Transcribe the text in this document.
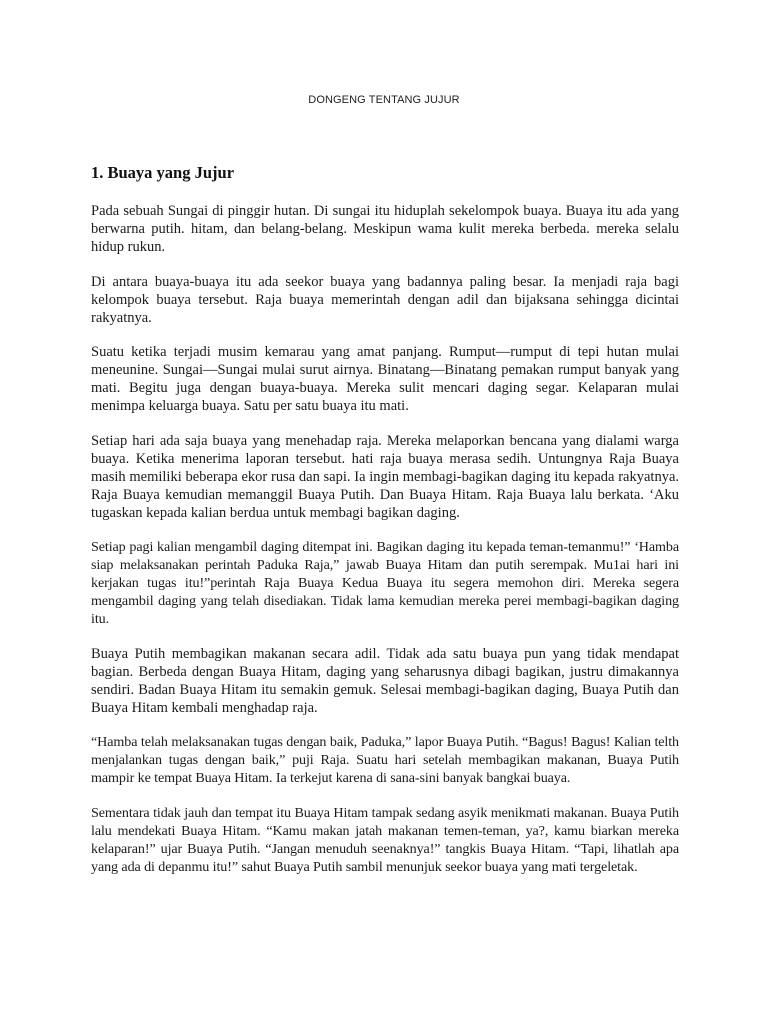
DONGENG TENTANG JUJUR
1. Buaya yang Jujur

Pada sebuah Sungai di pinggir hutan. Di sungai itu hiduplah sekelompok buaya. Buaya itu ada yang berwarna putih. hitam, dan belang-belang. Meskipun wama kulit mereka berbeda. mereka selalu hidup rukun.

Di antara buaya-buaya itu ada seekor buaya yang badannya paling besar. Ia menjadi raja bagi kelompok buaya tersebut. Raja buaya memerintah dengan adil dan bijaksana sehingga dicintai rakyatnya.

Suatu ketika terjadi musim kemarau yang amat panjang. Rumput—rumput di tepi hutan mulai meneunine. Sungai—Sungai mulai surut airnya. Binatang—Binatang pemakan rumput banyak yang mati. Begitu juga dengan buaya-buaya. Mereka sulit mencari daging segar. Kelaparan mulai menimpa keluarga buaya. Satu per satu buaya itu mati.

Setiap hari ada saja buaya yang menehadap raja. Mereka melaporkan bencana yang dialami warga buaya. Ketika menerima laporan tersebut. hati raja buaya merasa sedih. Untungnya Raja Buaya masih memiliki beberapa ekor rusa dan sapi. Ia ingin membagi-bagikan daging itu kepada rakyatnya. Raja Buaya kemudian memanggil Buaya Putih. Dan Buaya Hitam. Raja Buaya lalu berkata. ‘Aku tugaskan kepada kalian berdua untuk membagi bagikan daging.

Setiap pagi kalian mengambil daging ditempat ini. Bagikan daging itu kepada teman-temanmu!” ‘Hamba siap melaksanakan perintah Paduka Raja,” jawab Buaya Hitam dan putih serempak. Mu1ai hari ini kerjakan tugas itu!”perintah Raja Buaya Kedua Buaya itu segera memohon diri. Mereka segera mengambil daging yang telah disediakan. Tidak lama kemudian mereka perei membagi-bagikan daging itu.

Buaya Putih membagikan makanan secara adil. Tidak ada satu buaya pun yang tidak mendapat bagian. Berbeda dengan Buaya Hitam, daging yang seharusnya dibagi bagikan, justru dimakannya sendiri. Badan Buaya Hitam itu semakin gemuk. Selesai membagi-bagikan daging, Buaya Putih dan Buaya Hitam kembali menghadap raja.

“Hamba telah melaksanakan tugas dengan baik, Paduka,” lapor Buaya Putih. “Bagus! Bagus! Kalian telth menjalankan tugas dengan baik,” puji Raja. Suatu hari setelah membagikan makanan, Buaya Putih mampir ke tempat Buaya Hitam. Ia terkejut karena di sana-sini banyak bangkai buaya.

Sementara tidak jauh dan tempat itu Buaya Hitam tampak sedang asyik menikmati makanan. Buaya Putih lalu mendekati Buaya Hitam. “Kamu makan jatah makanan temen-teman, ya?, kamu biarkan mereka kelaparan!” ujar Buaya Putih. “Jangan menuduh seenaknya!” tangkis Buaya Hitam. “Tapi, lihatlah apa yang ada di depanmu itu!” sahut Buaya Putih sambil menunjuk seekor buaya yang mati tergeletak.
